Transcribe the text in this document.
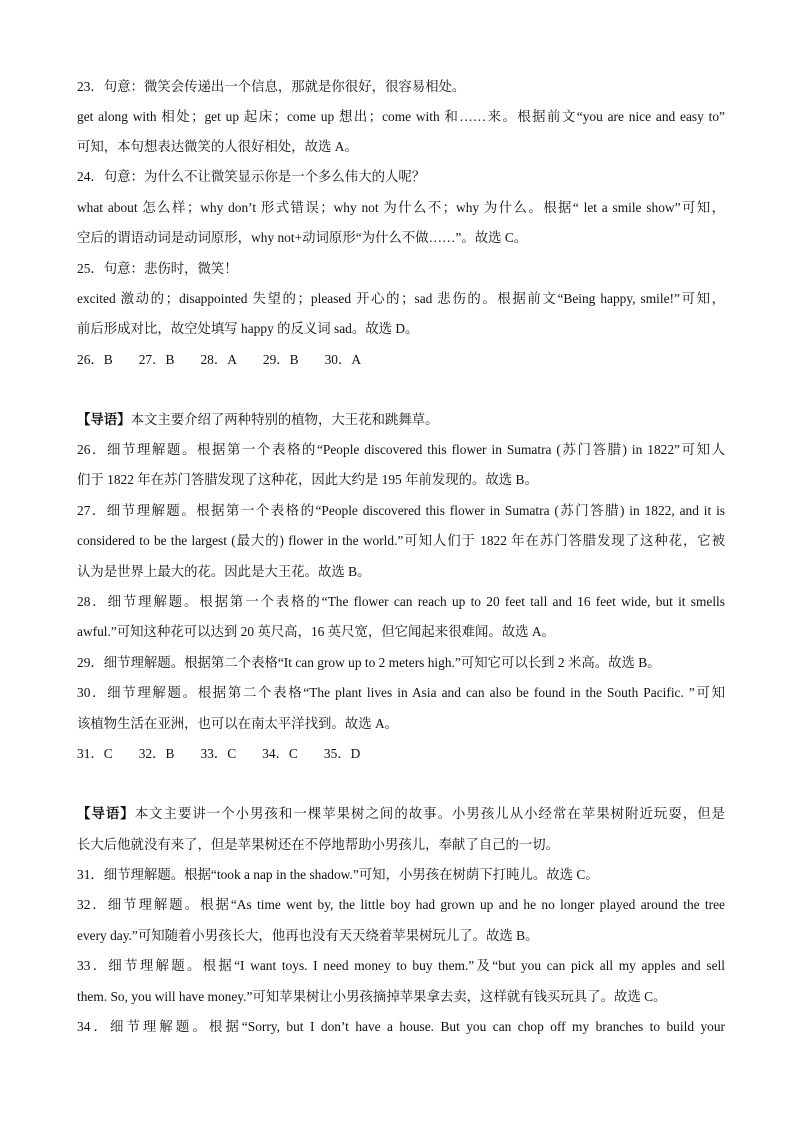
23．句意：微笑会传递出一个信息，那就是你很好，很容易相处。
get along with 相处；get up 起床；come up 想出；come with 和……来。根据前文“you are nice and easy to”
可知，本句想表达微笑的人很好相处，故选 A。
24．句意：为什么不让微笑显示你是一个多么伟大的人呢？
what about 怎么样；why don’t 形式错误；why not 为什么不；why 为什么。根据“ let a smile show”可知，
空后的谓语动词是动词原形，why not+动词原形“为什么不做……”。故选 C。
25．句意：悲伤时，微笑！
excited 激动的；disappointed 失望的；pleased 开心的；sad 悲伤的。根据前文“Being happy, smile!”可知，
前后形成对比，故空处填写 happy 的反义词 sad。故选 D。
26．B 27．B 28．A 29．B 30．A
【导语】本文主要介绍了两种特别的植物，大王花和跳舞草。
26．细节理解题。根据第一个表格的“People discovered this flower in Sumatra (苏门答腊) in 1822”可知人
们于 1822 年在苏门答腊发现了这种花，因此大约是 195 年前发现的。故选 B。
27．细节理解题。根据第一个表格的“People discovered this flower in Sumatra (苏门答腊) in 1822, and it is
considered to be the largest (最大的) flower in the world.”可知人们于 1822 年在苏门答腊发现了这种花，它被
认为是世界上最大的花。因此是大王花。故选 B。
28．细节理解题。根据第一个表格的“The flower can reach up to 20 feet tall and 16 feet wide, but it smells
awful.”可知这种花可以达到 20 英尺高，16 英尺宽，但它闻起来很难闻。故选 A。
29．细节理解题。根据第二个表格“It can grow up to 2 meters high.”可知它可以长到 2 米高。故选 B。
30．细节理解题。根据第二个表格“The plant lives in Asia and can also be found in the South Pacific. ”可知
该植物生活在亚洲，也可以在南太平洋找到。故选 A。
31．C 32．B 33．C 34．C 35．D
【导语】本文主要讲一个小男孩和一棵苹果树之间的故事。小男孩儿从小经常在苹果树附近玩耍，但是
长大后他就没有来了，但是苹果树还在不停地帮助小男孩儿，奉献了自己的一切。
31．细节理解题。根据“took a nap in the shadow.”可知，小男孩在树荫下打盹儿。故选 C。
32．细节理解题。根据“As time went by, the little boy had grown up and he no longer played around the tree
every day.”可知随着小男孩长大，他再也没有天天绕着苹果树玩儿了。故选 B。
33．细节理解题。根据“I want toys. I need money to buy them.”及“but you can pick all my apples and sell
them. So, you will have money.”可知苹果树让小男孩摘掉苹果拿去卖，这样就有钱买玩具了。故选 C。
34．细节理解题。根据“Sorry, but I don’t have a house. But you can chop off my branches to build your
